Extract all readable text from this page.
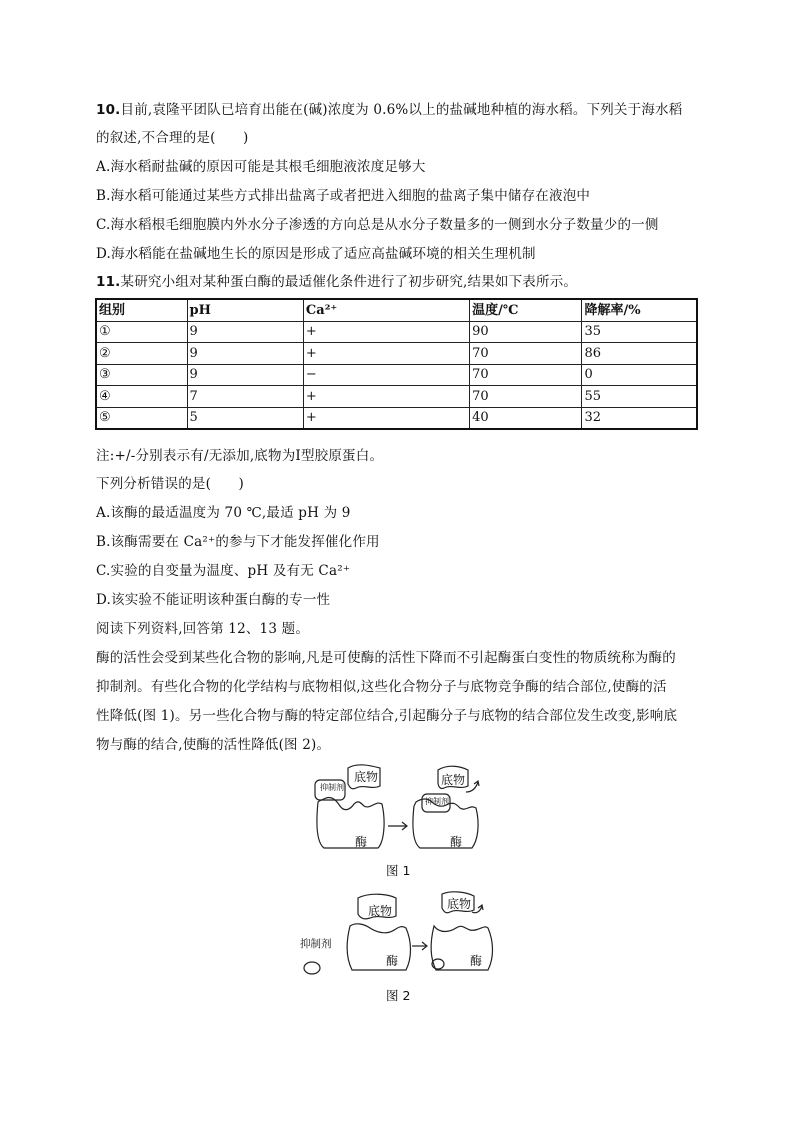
10.目前,袁隆平团队已培育出能在(碱)浓度为 0.6%以上的盐碱地种植的海水稻。下列关于海水稻
的叙述,不合理的是(　　)
A.海水稻耐盐碱的原因可能是其根毛细胞液浓度足够大
B.海水稻可能通过某些方式排出盐离子或者把进入细胞的盐离子集中储存在液泡中
C.海水稻根毛细胞膜内外水分子渗透的方向总是从水分子数量多的一侧到水分子数量少的一侧
D.海水稻能在盐碱地生长的原因是形成了适应高盐碱环境的相关生理机制
11.某研究小组对某种蛋白酶的最适催化条件进行了初步研究,结果如下表所示。
组别	pH	Ca²⁺	温度/℃	降解率/%
①	9	+	90	35
②	9	+	70	86
③	9	−	70	0
④	7	+	70	55
⑤	5	+	40	32
注:+/-分别表示有/无添加,底物为Ⅰ型胶原蛋白。
下列分析错误的是(　　)
A.该酶的最适温度为 70 ℃,最适 pH 为 9
B.该酶需要在 Ca²⁺的参与下才能发挥催化作用
C.实验的自变量为温度、pH 及有无 Ca²⁺
D.该实验不能证明该种蛋白酶的专一性
阅读下列资料,回答第 12、13 题。
酶的活性会受到某些化合物的影响,凡是可使酶的活性下降而不引起酶蛋白变性的物质统称为酶的
抑制剂。有些化合物的化学结构与底物相似,这些化合物分子与底物竞争酶的结合部位,使酶的活
性降低(图 1)。另一些化合物与酶的特定部位结合,引起酶分子与底物的结合部位发生改变,影响底
物与酶的结合,使酶的活性降低(图 2)。
抑制剂
底物
酶
抑制剂
底物
酶
图 1
抑制剂
底物
酶
底物
酶
图 2
